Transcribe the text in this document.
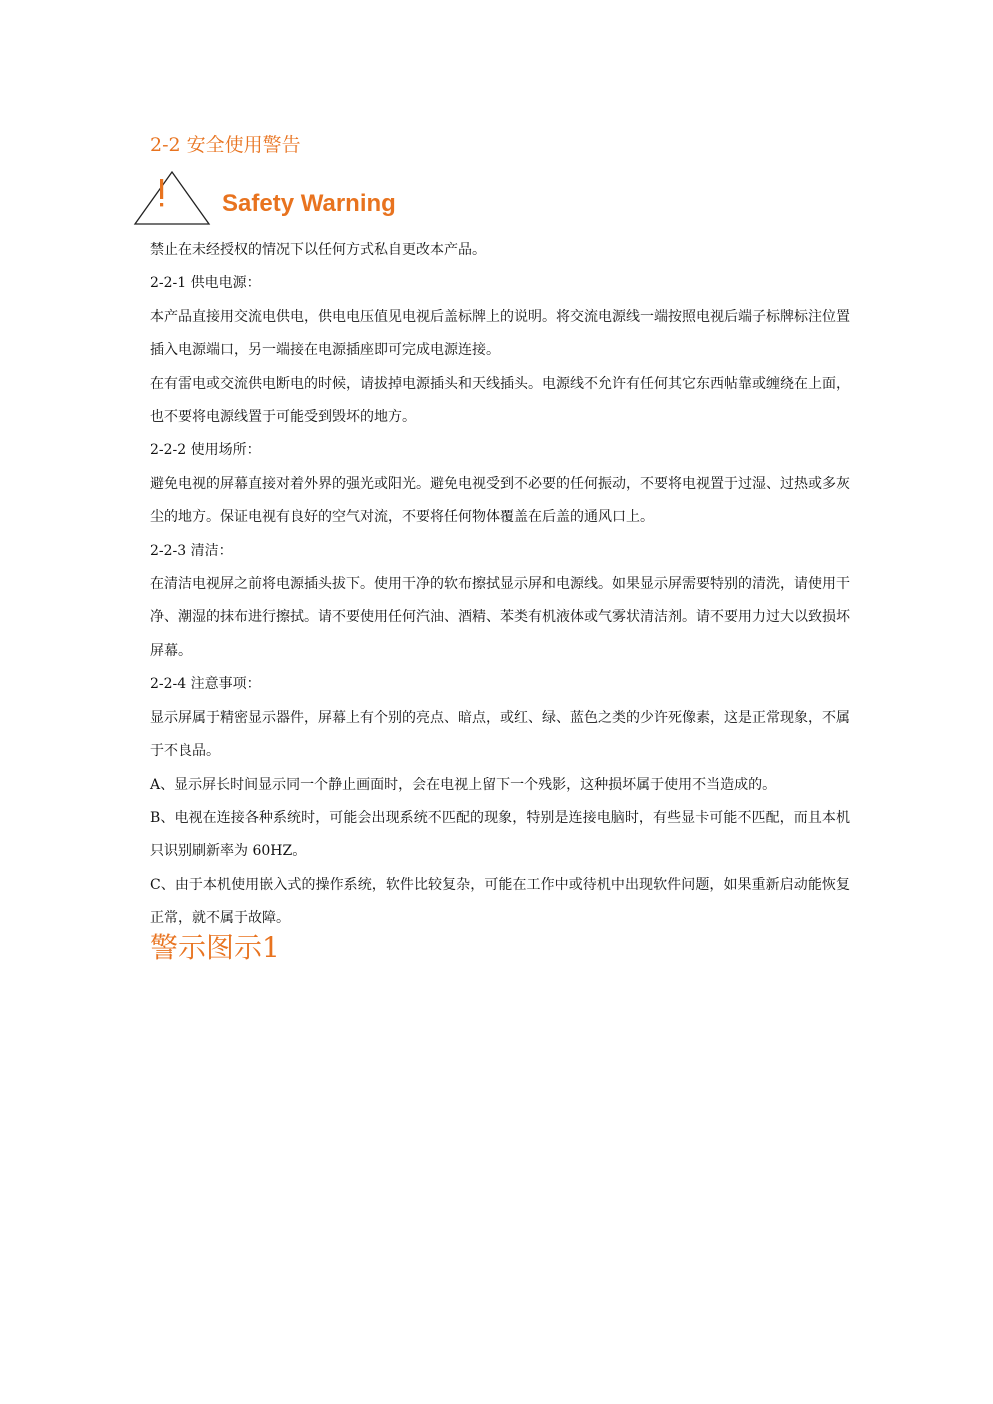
2-2 安全使用警告
Safety Warning

禁止在未经授权的情况下以任何方式私自更改本产品。

2-2-1 供电电源：

本产品直接用交流电供电，供电电压值见电视后盖标牌上的说明。将交流电源线一端按照电视后端子标牌标注位置插入电源端口，另一端接在电源插座即可完成电源连接。

在有雷电或交流供电断电的时候，请拔掉电源插头和天线插头。电源线不允许有任何其它东西帖靠或缠绕在上面，也不要将电源线置于可能受到毁坏的地方。

2-2-2 使用场所：

避免电视的屏幕直接对着外界的强光或阳光。避免电视受到不必要的任何振动，不要将电视置于过湿、过热或多灰尘的地方。保证电视有良好的空气对流，不要将任何物体覆盖在后盖的通风口上。

2-2-3 清洁：

在清洁电视屏之前将电源插头拔下。使用干净的软布擦拭显示屏和电源线。如果显示屏需要特别的清洗，请使用干净、潮湿的抹布进行擦拭。请不要使用任何汽油、酒精、苯类有机液体或气雾状清洁剂。请不要用力过大以致损坏屏幕。

2-2-4 注意事项：

显示屏属于精密显示器件，屏幕上有个别的亮点、暗点，或红、绿、蓝色之类的少许死像素，这是正常现象，不属于不良品。

A、显示屏长时间显示同一个静止画面时，会在电视上留下一个残影，这种损坏属于使用不当造成的。

B、电视在连接各种系统时，可能会出现系统不匹配的现象，特别是连接电脑时，有些显卡可能不匹配，而且本机只识别刷新率为 60HZ。

C、由于本机使用嵌入式的操作系统，软件比较复杂，可能在工作中或待机中出现软件问题，如果重新启动能恢复正常，就不属于故障。

警示图示1
